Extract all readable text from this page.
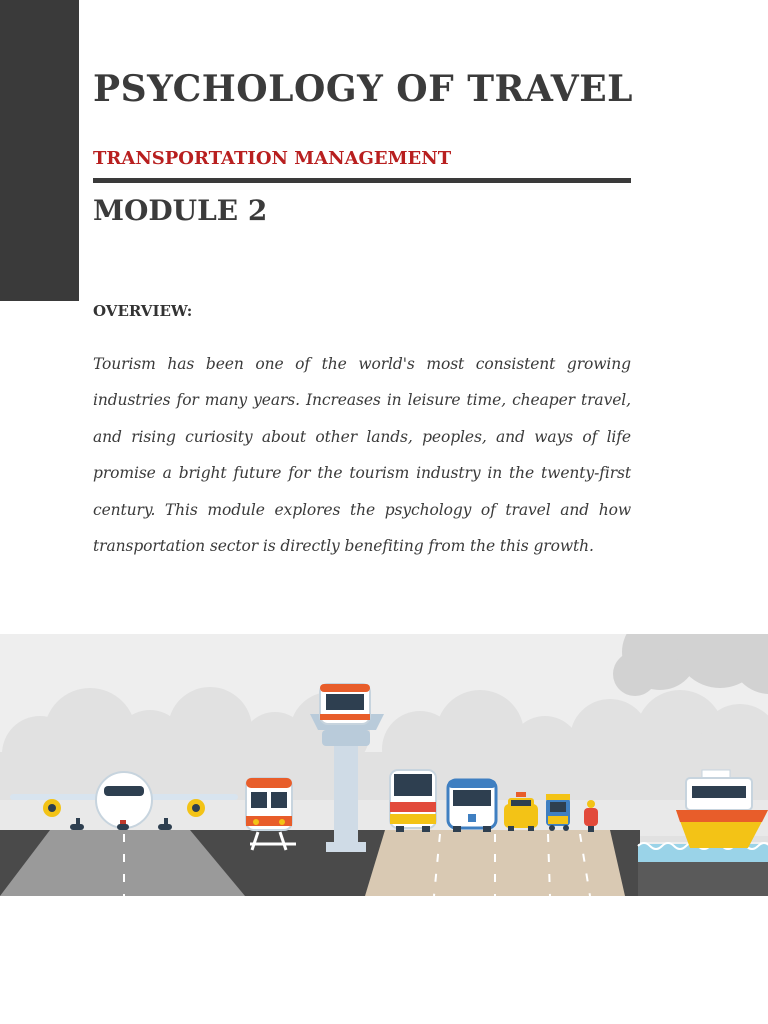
PSYCHOLOGY OF TRAVEL
TRANSPORTATION MANAGEMENT
MODULE 2
OVERVIEW:

Tourism has been one of the world's most consistent growing industries for many years. Increases in leisure time, cheaper travel, and rising curiosity about other lands, peoples, and ways of life promise a bright future for the tourism industry in the twenty-first century. This module explores the psychology of travel and how transportation sector is directly benefiting from the this growth.
